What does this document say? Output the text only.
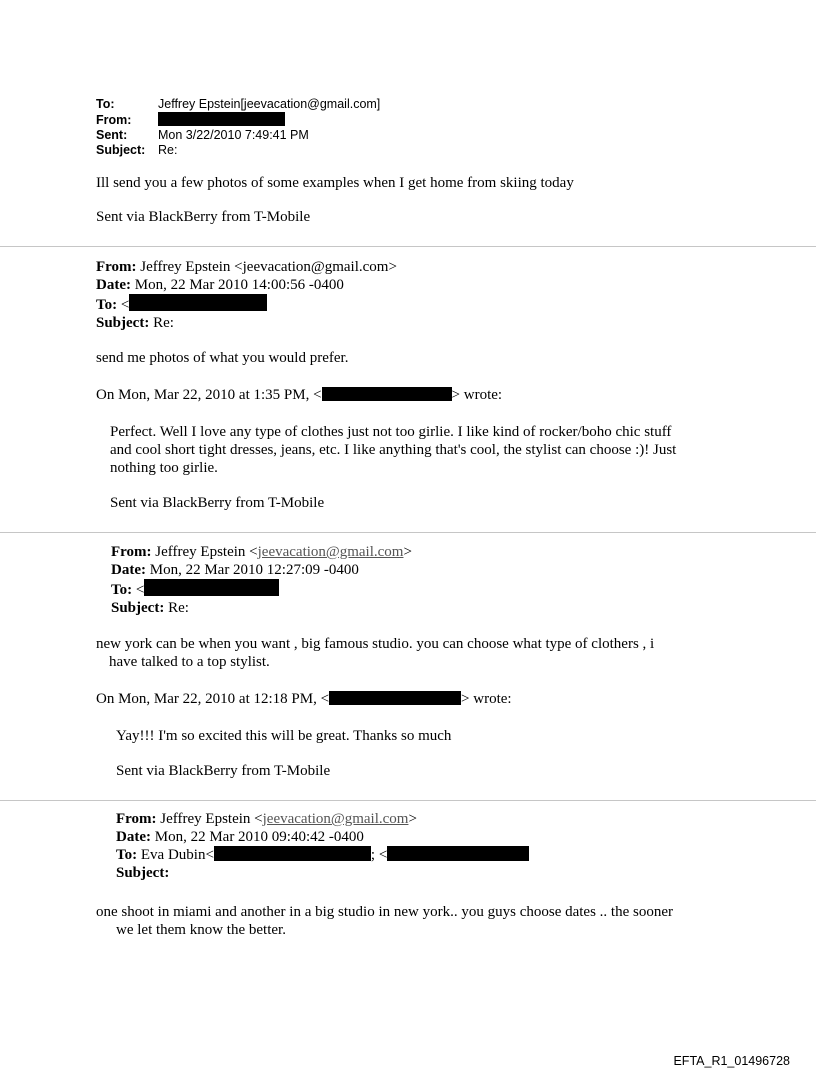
To:	Jeffrey Epstein[jeevacation@gmail.com]
From:
Sent: Mon 3/22/2010 7:49:41 PM
Subject: Re:
Ill send you a few photos of some examples when I get home from skiing today
Sent via BlackBerry from T-Mobile
From: Jeffrey Epstein <jeevacation@gmail.com>
Date: Mon, 22 Mar 2010 14:00:56 -0400
To: <
Subject: Re:
send me photos of what you would prefer.
On Mon, Mar 22, 2010 at 1:35 PM, <	> wrote:
Perfect. Well I love any type of clothes just not too girlie. I like kind of rocker/boho chic stuff
and cool short tight dresses, jeans, etc. I like anything that's cool, the stylist can choose :)! Just
nothing too girlie.
Sent via BlackBerry from T-Mobile
From: Jeffrey Epstein <jeevacation@gmail.com>
Date: Mon, 22 Mar 2010 12:27:09 -0400
To: <
Subject: Re:
new york can be when you want , big famous studio. you can choose what type of clothers , i
have talked to a top stylist.
On Mon, Mar 22, 2010 at 12:18 PM, <	> wrote:
Yay!!! I'm so excited this will be great. Thanks so much
Sent via BlackBerry from T-Mobile
From: Jeffrey Epstein <jeevacation@gmail.com>
Date: Mon, 22 Mar 2010 09:40:42 -0400
To: Eva Dubin<	; <
Subject:
one shoot in miami and another in a big studio in new york.. you guys choose dates .. the sooner
we let them know the better.
EFTA_R1_01496728
